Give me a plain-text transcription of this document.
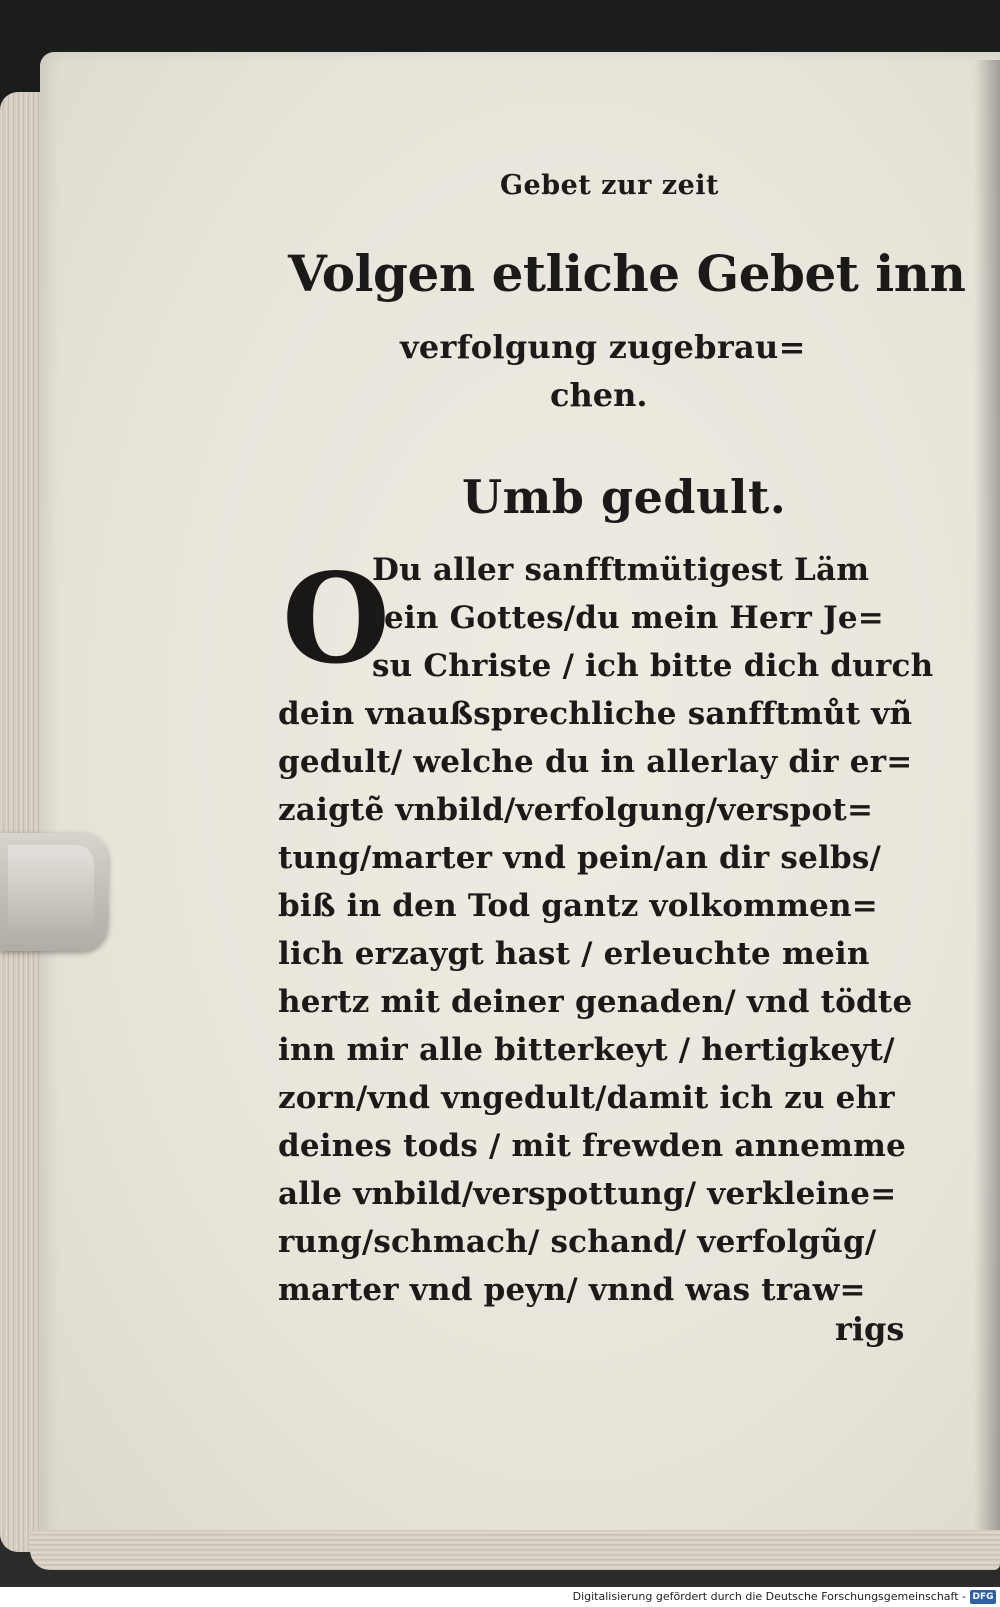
Gebet zur zeit
Volgen etliche Gebet inn
verfolgung zugebrau=
chen.
Umb gedult.
O
Du aller sanfftmütigest Läm
lein Gottes/du mein Herr Je=
su Christe / ich bitte dich durch
dein vnaußsprechliche sanfftmůt vñ
gedult/ welche du in allerlay dir er=
zaigtẽ vnbild/verfolgung/verspot=
tung/marter vnd pein/an dir selbs/
biß in den Tod gantz volkommen=
lich erzaygt hast / erleuchte mein
hertz mit deiner genaden/ vnd tödte
inn mir alle bitterkeyt / hertigkeyt/
zorn/vnd vngedult/damit ich zu ehr
deines tods / mit frewden annemme
alle vnbild/verspottung/ verkleine=
rung/schmach/ schand/ verfolgũg/
marter vnd peyn/ vnnd was traw=
rigs
Digitalisierung gefördert durch die Deutsche Forschungsgemeinschaft - DFG
